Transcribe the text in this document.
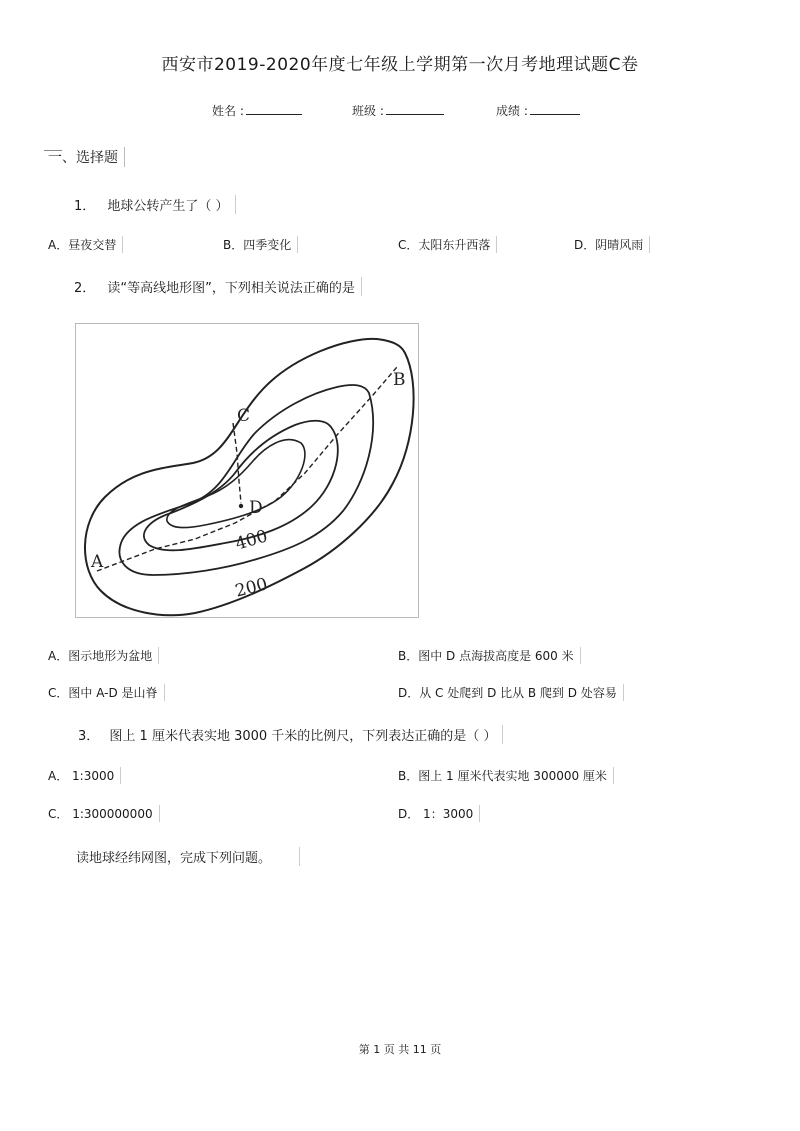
西安市2019-2020年度七年级上学期第一次月考地理试题C卷
姓名 :	班级 :	成绩 :
一、选择题
1． 地球公转产生了（ ）
A．昼夜交替	B．四季变化	C．太阳东升西落	D．阴晴风雨
2． 读“等高线地形图”，下列相关说法正确的是
A
B
C
D
400
200
A．图示地形为盆地	B．图中 D 点海拔高度是 600 米
C．图中 A-D 是山脊	D．从 C 处爬到 D 比从 B 爬到 D 处容易
3． 图上 1 厘米代表实地 3000 千米的比例尺，下列表达正确的是（ ）
A． 1:3000	B．图上 1 厘米代表实地 300000 厘米
C． 1:300000000	D． 1：3000
读地球经纬网图，完成下列问题。
第 1 页 共 11 页
